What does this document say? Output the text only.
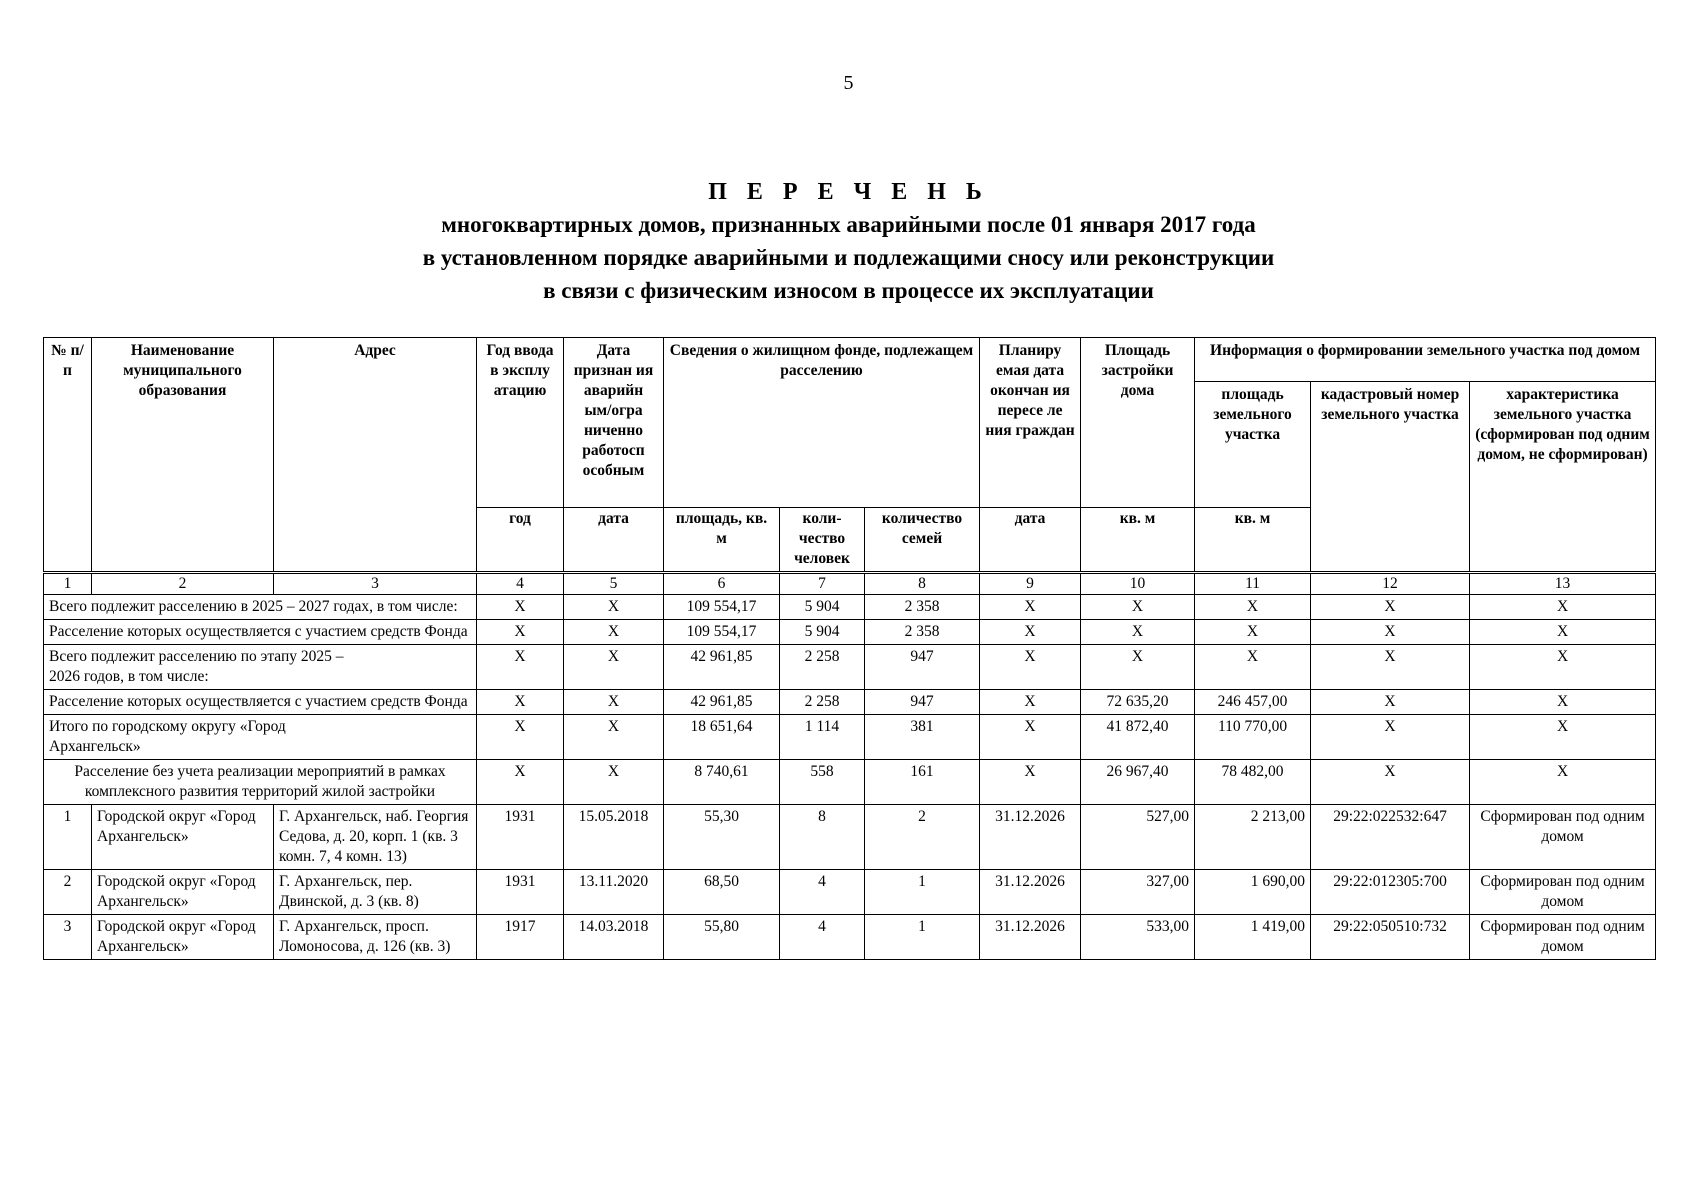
5
П Е Р Е Ч Е Н Ь
многоквартирных домов, признанных аварийными после 01 января 2017 года
в установленном порядке аварийными и подлежащими сносу или реконструкции
в связи с физическим износом в процессе их эксплуатации
№ п/п	Наименование муниципального образования	Адрес	Год ввода в эксплу атацию	Дата признан ия аварийн ым/огра ниченно работосп особным	Сведения о жилищном фонде, подлежащем расселению			Планиру емая дата окончан ия пересе ле ния граждан	Площадь застройки дома	Информация о формировании земельного участка под домом		
										площадь земельного участка	кадастровый номер земельного участка	характеристика земельного участка (сформирован под одним домом, не сформирован)
			год	дата	площадь, кв. м	коли- чество человек	количество семей	дата	кв. м	кв. м		
1	2	3	4	5	6	7	8	9	10	11	12	13
Всего подлежит расселению в 2025 – 2027 годах, в том числе:			X	X	109 554,17	5 904	2 358	X	X	X	X	X
Расселение которых осуществляется с участием средств Фонда			X	X	109 554,17	5 904	2 358	X	X	X	X	X
Всего подлежит расселению по этапу 2025 – 2026 годов, в том числе:			X	X	42 961,85	2 258	947	X	X	X	X	X
Расселение которых осуществляется с участием средств Фонда			X	X	42 961,85	2 258	947	X	72 635,20	246 457,00	X	X
Итого по городскому округу «Город Архангельск»			X	X	18 651,64	1 114	381	X	41 872,40	110 770,00	X	X
Расселение без учета реализации мероприятий в рамках комплексного развития территорий жилой застройки			X	X	8 740,61	558	161	X	26 967,40	78 482,00	X	X
1	Городской округ «Город Архангельск»	Г. Архангельск, наб. Георгия Седова, д. 20, корп. 1 (кв. 3 комн. 7, 4 комн. 13)	1931	15.05.2018	55,30	8	2	31.12.2026	527,00	2 213,00	29:22:022532:647	Сформирован под одним домом
2	Городской округ «Город Архангельск»	Г. Архангельск, пер. Двинской, д. 3 (кв. 8)	1931	13.11.2020	68,50	4	1	31.12.2026	327,00	1 690,00	29:22:012305:700	Сформирован под одним домом
3	Городской округ «Город Архангельск»	Г. Архангельск, просп. Ломоносова, д. 126 (кв. 3)	1917	14.03.2018	55,80	4	1	31.12.2026	533,00	1 419,00	29:22:050510:732	Сформирован под одним домом
